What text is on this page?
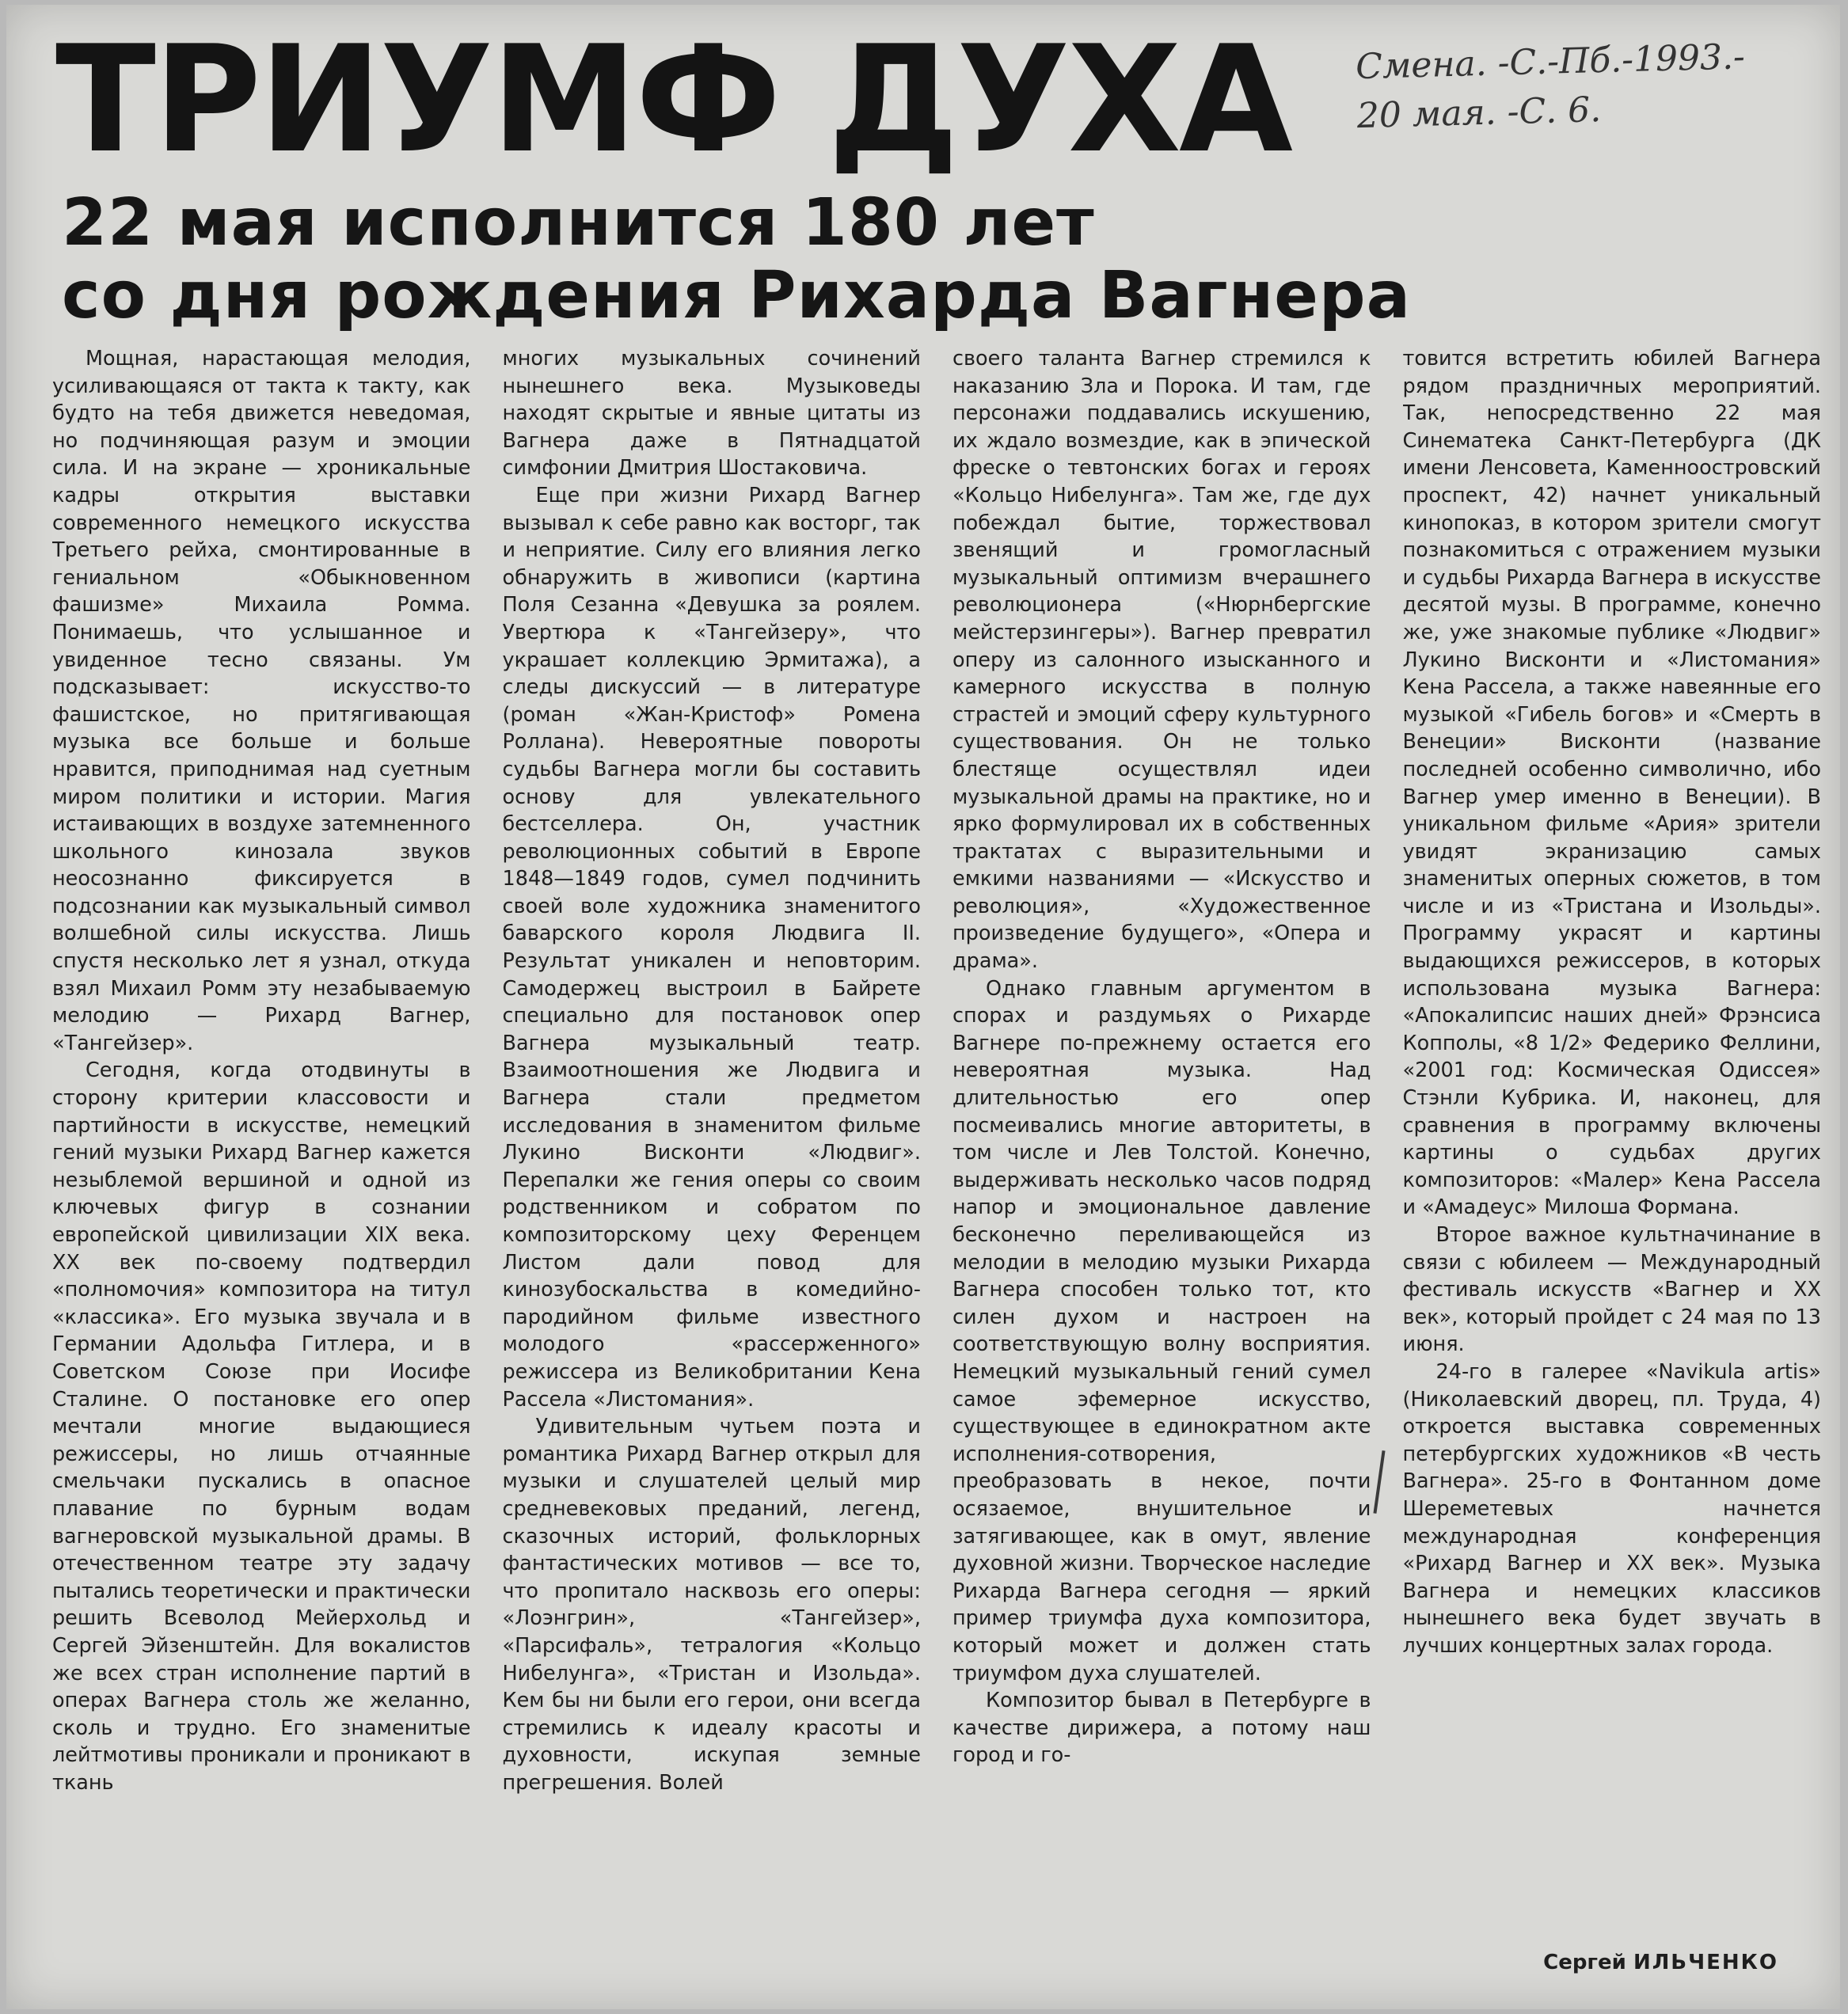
Смена. -С.-Пб.-1993.-
20 мая. -С. 6.
ТРИУМФ ДУХА
22 мая исполнится 180 лет
со дня рождения Рихарда Вагнера

Мощная, нарастающая мелодия, усиливающаяся от такта к такту, как будто на тебя движется неведомая, но подчиняющая разум и эмоции сила. И на экране — хроникальные кадры открытия выставки современного немецкого искусства Третьего рейха, смонтированные в гениальном «Обыкновенном фашизме» Михаила Ромма. Понимаешь, что услышанное и увиденное тесно связаны. Ум подсказывает: искусство-то фашистское, но притягивающая музыка все больше и больше нравится, приподнимая над суетным миром политики и истории. Магия истаивающих в воздухе затемненного школьного кинозала звуков неосознанно фиксируется в подсознании как музыкальный символ волшебной силы искусства. Лишь спустя несколько лет я узнал, откуда взял Михаил Ромм эту незабываемую мелодию — Рихард Вагнер, «Тангейзер».

Сегодня, когда отодвинуты в сторону критерии классовости и партийности в искусстве, немецкий гений музыки Рихард Вагнер кажется незыблемой вершиной и одной из ключевых фигур в сознании европейской цивилизации XIX века. XX век по-своему подтвердил «полномочия» композитора на титул «классика». Его музыка звучала и в Германии Адольфа Гитлера, и в Советском Союзе при Иосифе Сталине. О постановке его опер мечтали многие выдающиеся режиссеры, но лишь отчаянные смельчаки пускались в опасное плавание по бурным водам вагнеровской музыкальной драмы. В отечественном театре эту задачу пытались теоретически и практически решить Всеволод Мейерхольд и Сергей Эйзенштейн. Для вокалистов же всех стран исполнение партий в операх Вагнера столь же желанно, сколь и трудно. Его знаменитые лейтмотивы проникали и проникают в ткань

многих музыкальных сочинений нынешнего века. Музыковеды находят скрытые и явные цитаты из Вагнера даже в Пятнадцатой симфонии Дмитрия Шостаковича.

Еще при жизни Рихард Вагнер вызывал к себе равно как восторг, так и неприятие. Силу его влияния легко обнаружить в живописи (картина Поля Сезанна «Девушка за роялем. Увертюра к «Тангейзеру», что украшает коллекцию Эрмитажа), а следы дискуссий — в литературе (роман «Жан-Кристоф» Ромена Роллана). Невероятные повороты судьбы Вагнера могли бы составить основу для увлекательного бестселлера. Он, участник революционных событий в Европе 1848—1849 годов, сумел подчинить своей воле художника знаменитого баварского короля Людвига II. Результат уникален и неповторим. Самодержец выстроил в Байрете специально для постановок опер Вагнера музыкальный театр. Взаимоотношения же Людвига и Вагнера стали предметом исследования в знаменитом фильме Лукино Висконти «Людвиг». Перепалки же гения оперы со своим родственником и собратом по композиторскому цеху Ференцем Листом дали повод для кинозубоскальства в комедийно-пародийном фильме известного молодого «рассерженного» режиссера из Великобритании Кена Рассела «Листомания».

Удивительным чутьем поэта и романтика Рихард Вагнер открыл для музыки и слушателей целый мир средневековых преданий, легенд, сказочных историй, фольклорных фантастических мотивов — все то, что пропитало насквозь его оперы: «Лоэнгрин», «Тангейзер», «Парсифаль», тетралогия «Кольцо Нибелунга», «Тристан и Изольда». Кем бы ни были его герои, они всегда стремились к идеалу красоты и духовности, искупая земные прегрешения. Волей

своего таланта Вагнер стремился к наказанию Зла и Порока. И там, где персонажи поддавались искушению, их ждало возмездие, как в эпической фреске о тевтонских богах и героях «Кольцо Нибелунга». Там же, где дух побеждал бытие, торжествовал звенящий и громогласный музыкальный оптимизм вчерашнего революционера («Нюрнбергские мейстерзингеры»). Вагнер превратил оперу из салонного изысканного и камерного искусства в полную страстей и эмоций сферу культурного существования. Он не только блестяще осуществлял идеи музыкальной драмы на практике, но и ярко формулировал их в собственных трактатах с выразительными и емкими названиями — «Искусство и революция», «Художественное произведение будущего», «Опера и драма».

Однако главным аргументом в спорах и раздумьях о Рихарде Вагнере по-прежнему остается его невероятная музыка. Над длительностью его опер посмеивались многие авторитеты, в том числе и Лев Толстой. Конечно, выдерживать несколько часов подряд напор и эмоциональное давление бесконечно переливающейся из мелодии в мелодию музыки Рихарда Вагнера способен только тот, кто силен духом и настроен на соответствующую волну восприятия. Немецкий музыкальный гений сумел самое эфемерное искусство, существующее в единократном акте исполнения-сотворения, преобразовать в некое, почти осязаемое, внушительное и затягивающее, как в омут, явление духовной жизни. Творческое наследие Рихарда Вагнера сегодня — яркий пример триумфа духа композитора, который может и должен стать триумфом духа слушателей.

Композитор бывал в Петербурге в качестве дирижера, а потому наш город и го-

товится встретить юбилей Вагнера рядом праздничных мероприятий. Так, непосредственно 22 мая Синематека Санкт-Петербурга (ДК имени Ленсовета, Каменноостровский проспект, 42) начнет уникальный кинопоказ, в котором зрители смогут познакомиться с отражением музыки и судьбы Рихарда Вагнера в искусстве десятой музы. В программе, конечно же, уже знакомые публике «Людвиг» Лукино Висконти и «Листомания» Кена Рассела, а также навеянные его музыкой «Гибель богов» и «Смерть в Венеции» Висконти (название последней особенно символично, ибо Вагнер умер именно в Венеции). В уникальном фильме «Ария» зрители увидят экранизацию самых знаменитых оперных сюжетов, в том числе и из «Тристана и Изольды». Программу украсят и картины выдающихся режиссеров, в которых использована музыка Вагнера: «Апокалипсис наших дней» Фрэнсиса Копполы, «8 1/2» Федерико Феллини, «2001 год: Космическая Одиссея» Стэнли Кубрика. И, наконец, для сравнения в программу включены картины о судьбах других композиторов: «Малер» Кена Рассела и «Амадеус» Милоша Формана.

Второе важное культначинание в связи с юбилеем — Международный фестиваль искусств «Вагнер и XX век», который пройдет с 24 мая по 13 июня.

24-го в галерее «Navikula artis» (Николаевский дворец, пл. Труда, 4) откроется выставка современных петербургских художников «В честь Вагнера». 25-го в Фонтанном доме Шереметевых начнется международная конференция «Рихард Вагнер и XX век». Музыка Вагнера и немецких классиков нынешнего века будет звучать в лучших концертных залах города.

Сергей ИЛЬЧЕНКО
